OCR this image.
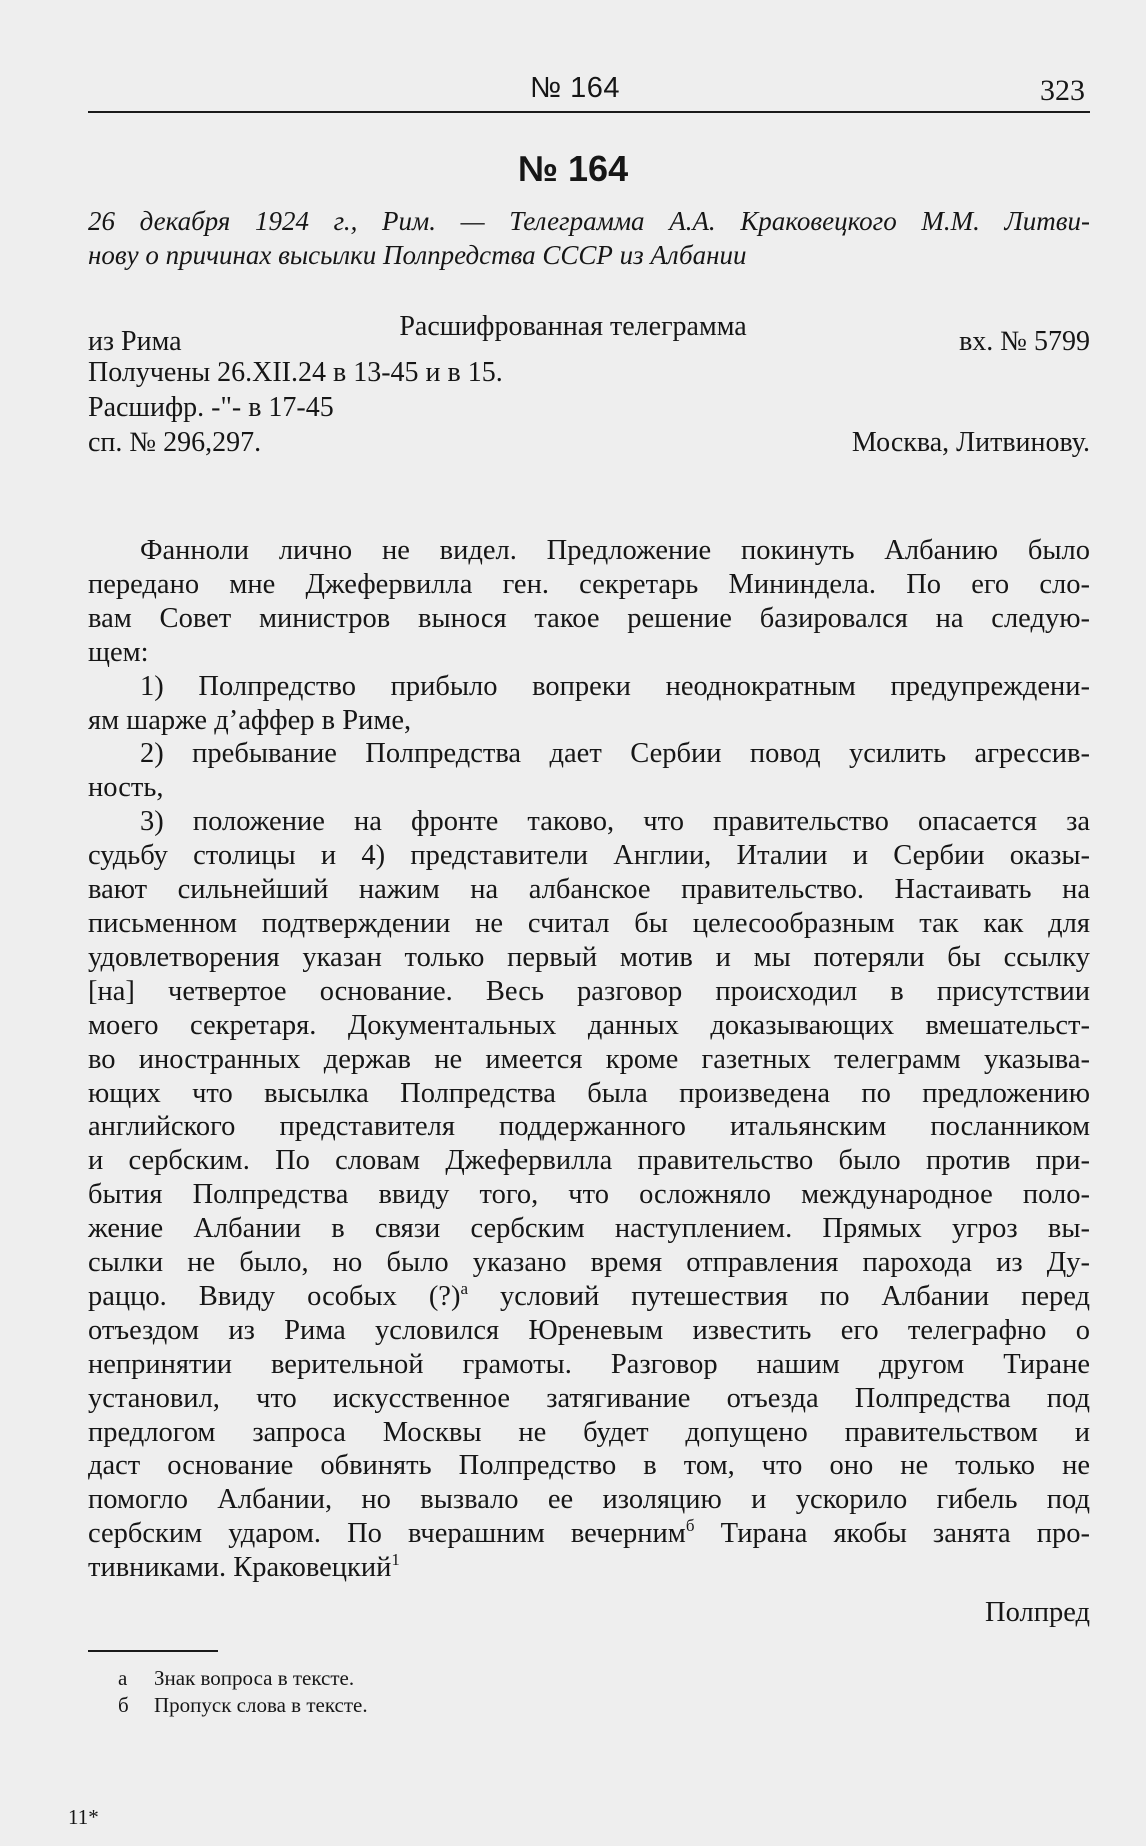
№ 164	323
№ 164

26 декабря 1924 г., Рим. — Телеграмма А.А. Краковецкого М.М. Литви-
нову о причинах высылки Полпредства СССР из Албании

Расшифрованная телеграмма
из Рима	вх. № 5799
Получены 26.XII.24 в 13-45 и в 15.
Расшифр. -"- в 17-45
сп. № 296,297.	Москва, Литвинову.
Фанноли лично не видел. Предложение покинуть Албанию было
передано мне Джефервилла ген. секретарь Мининдела. По его сло-
вам Совет министров вынося такое решение базировался на следую-
щем:
1) Полпредство прибыло вопреки неоднократным предупреждени-
ям шарже д’аффер в Риме,
2) пребывание Полпредства дает Сербии повод усилить агрессив-
ность,
3) положение на фронте таково, что правительство опасается за
судьбу столицы и 4) представители Англии, Италии и Сербии оказы-
вают сильнейший нажим на албанское правительство. Настаивать на
письменном подтверждении не считал бы целесообразным так как для
удовлетворения указан только первый мотив и мы потеряли бы ссылку
[на] четвертое основание. Весь разговор происходил в присутствии
моего секретаря. Документальных данных доказывающих вмешательст-
во иностранных держав не имеется кроме газетных телеграмм указыва-
ющих что высылка Полпредства была произведена по предложению
английского представителя поддержанного итальянским посланником
и сербским. По словам Джефервилла правительство было против при-
бытия Полпредства ввиду того, что осложняло международное поло-
жение Албании в связи сербским наступлением. Прямых угроз вы-
сылки не было, но было указано время отправления парохода из Ду-
раццо. Ввиду особых (?)$^а$ условий путешествия по Албании перед
отъездом из Рима условился Юреневым известить его телеграфно о
непринятии верительной грамоты. Разговор нашим другом Тиране
установил, что искусственное затягивание отъезда Полпредства под
предлогом запроса Москвы не будет допущено правительством и
даст основание обвинять Полпредство в том, что оно не только не
помогло Албании, но вызвало ее изоляцию и ускорило гибель под
сербским ударом. По вчерашним вечерним$^б$ Тирана якобы занята про-
тивниками. Краковецкий$^1$
Полпред
а Знак вопроса в тексте.
б Пропуск слова в тексте.
11*
